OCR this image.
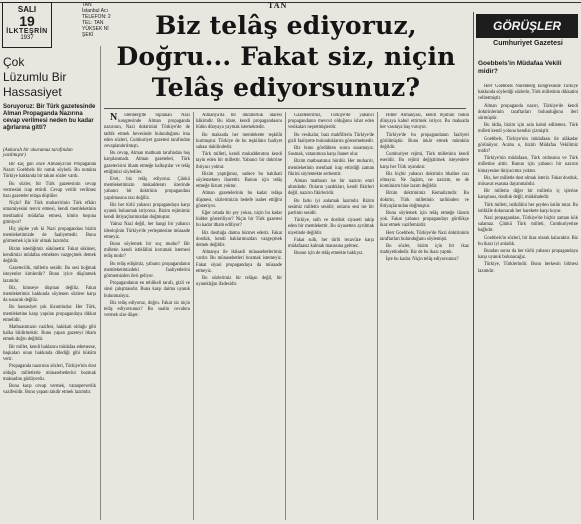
SALI
19
İLKTEŞRİN
1937
TAN
İstanbul Acı
TELEFON: 2
TEL: TAN
YÜKSEK Nİ
ŞEKİ
TAN
Çok
Lüzumlu Bir
Hassasiyet
Soruyoruz: Bir Türk gazetesinde Alman Propaganda Nazırına cevap verilmesi neden bu kadar ağırlarına gitti?
(Ankaralı bir okurumuz tarafından yazılmıştır)

Bir kaç gün önce Almanya'nın Propaganda Nazırı Goebbels bir nutuk söyledi. Bu nutukta Türkiye hakkında bir takım sözler vardı.

Bu sözler, bir Türk gazetesinin cevap vermesini icap ettirdi. Cevap verilir verilmez bazı gazeteler telaşa düştüler.

Niçin? Bir Türk muharririnin Türk efkârı umumiyesini tenvir etmesi, kendi memleketinin menfaatini müdafaa etmesi, kimin hoşuna gitmiyor?

Hiç şüphe yok ki Nazi propagandası bizim memleketimizde de faaliyettedir. Bunu görmemek için kör olmak lazımdır.

Bizim istediğimiz sükûnettir. Fakat sükûnet, kendimizi müdafaa etmekten vazgeçmek demek değildir.

Gazetecilik, milletin sesidir. Bu sesi boğmak isteyenler kimlerdir? Bunu iyice düşünmek lazımdır.

Biz, kimseye düşman değiliz. Fakat memleketimiz hakkında söylenen sözlere karşı da susacak değiliz.

Bu hassasiyet çok lüzumludur. Her Türk, memleketine karşı yapılan propagandaya dikkat etmelidir.

Matbuatımızın vazifesi, hakikati olduğu gibi halka bildirmektir. Bunu yapan gazeteyi itham etmek doğru değildir.

Bir millet, kendi haklarını müdafaa edemezse, başkaları onun hakkında dilediği gibi hüküm verir.

Propaganda nazırının sözleri, Türkiye'nin dost olduğu milletlerle münasebetlerini bozmak maksadını güdüyordu.

Buna karşı cevap vermek, vatanperverlik vazifesidir. Bunu yapanı takdir etmek lazımdır.

Biz telâş ediyoruz,
Doğru... Fakat siz, niçin
Telâş ediyorsunuz?

Nurenberg'de toplanan Nazi kongresinde Alman propaganda nazırının, Nazi doktrinini Türkiye'de de tatbik etmek hevesinde bulunduğunu ima eden sözleri, Cumhuriyet gazetesi tarafından cevaplandırılmıştı.

Bu cevap, Alman matbuatı tarafından hoş karşılanmadı. Alman gazeteleri, Türk gazetecisini itham etmeğe kalkıştılar ve telâş ettiğimizi söylediler.

Evet, biz telâş ediyoruz. Çünkü memleketimizin mukadderatı üzerinde yabancı bir doktrinin propagandası yapılmasına razı değiliz.

Biz her türlü yabancı propagandaya karşı uyanık bulunmak istiyoruz. Bizim rejimimiz kendi ihtiyaçlarımızdan doğmuştur.

Yalnız Nazi değil, her hangi bir yabancı ideolojinin Türkiye'de yerleşmesine müsaade etmeyiz.

Bunu söylemek bir suç mudur? Bir milletin kendi istiklâlini korumak istemesi telâş mıdır?

Bu telâş edişimiz, yabancı propagandanın memleketimizdeki faaliyetlerini görmemizden ileri geliyor.

Propagandanın en tehlikeli tarafı, gizli ve sinsi çalışmasıdır. Buna karşı daima uyanık bulunmalıyız.

Biz telâş ediyoruz, doğru. Fakat siz niçin telâş ediyorsunuz? Bu sualin cevabını vermek size düşer.

Almanya'da bir diktatörlük idaresi hâkimdir. Bu idare, kendi propagandasını bütün dünyaya yaymak istemektedir.

Bu maksatla her memlekette teşkilât kurmuştur. Türkiye de bu teşkilâtın faaliyet sahası dahilindedir.

Türk milleti, kendi mukadderatını kendi tayin eden bir millettir. Yabancı bir doktrine ihtiyacı yoktur.

Bizim yaptığımız, sadece bu hakikati söylemekten ibarettir. Bunun için telâş etmeğe lüzum yoktur.

Alman gazetelerinin bu kadar telâşa düşmesi, sözlerimizin hedefe isabet ettiğini gösteriyor.

Eğer ortada bir şey yoksa, niçin bu kadar hiddet gösteriliyor? Niçin bir Türk gazetesi bu kadar itham ediliyor?

Biz dostluğa daima hürmet ederiz. Fakat dostluk, kendi haklarımızdan vazgeçmek demek değildir.

Almanya ile iktisadi münasebetlerimiz vardır. Bu münasebetleri bozmak istemeyiz. Fakat siyasi propagandaya da müsaade etmeyiz.

Bu sözlerimiz bir telâşın değil, bir uyanıklığın ifadesidir.

Gazetelerimiz, Türkiye'de yabancı propagandanın mevcut olduğunu isbat eden vesikaları neşretmişlerdir.

Bu vesikalar, bazı mahfillerin Türkiye'de gizli faaliyette bulunduklarını göstermektedir.

Biz bunu gördükten sonra susamayız. Susmak, vatanımıza karşı ihanet olur.

Bizim matbuatımız hürdür. Her muharrir, memleketinin menfaati icap ettirdiği zaman fikrini söylemekte serbesttir.

Alman matbuatı ise bir nazırın emri altındadır. Onların yazdıkları, kendi fikirleri değil, nazırın fikirleridir.

Bu farkı iyi anlamak lazımdır. Bizim sesimiz milletin sesidir; onların sesi ise bir partinin sesidir.

Türkiye, sulh ve dostluk siyaseti takip eden bir memlekettir. Bu siyasetten ayrılmak niyetinde değildir.

Fakat sulh, her türlü tecavüze karşı müdafaasız kalmak manasına gelmez.

Bunun için de telâş etmekte haklıyız.

Hitler Almanyası, kendi rejimini bütün dünyaya kabul ettirmek istiyor. Bu maksatla her vasıtaya baş vuruyor.

Türkiye'de bu propagandanın faaliyeti görülmüştür. Bunu inkâr etmek mümkün değildir.

Cumhuriyet rejimi, Türk milletinin kendi eseridir. Bu rejimi değiştirmek isteyenlere karşı her Türk uyanıktır.

Biz hiçbir yabancı doktrinin ithaline razı olmayız. Ne faşizm, ne nazizm, ne de komünizm bize lazım değildir.

Bizim doktrinimiz Kemalizmdir. Bu doktrin, Türk milletinin tarihinden ve ihtiyaçlarından doğmuştur.

Bunu söylemek için telâş etmeğe lüzum yok. Fakat yabancı propagandayı gördükçe ikaz etmek vazifemizdir.

Herr Goebbels, Türkiye'de Nazi doktrininin taraftarları bulunduğunu söylemişti.

Bu sözler, bizim için bir ikaz mahiyetindedir. Biz de bu ikazı yaptık.

İşte bu kadar. Niçin telâş ediyorsunuz?

GÖRÜŞLER
Cumhuriyet Gazetesi
Goebbels'in Müdafaa Vekili midir?

Herr Goebbels Nurenberg kongresinde Türkiye hakkında söylediği sözlerle, Türk milletinin dikkatini celbetmiştir.

Alman propaganda nazırı, Türkiye'de kendi doktrinlerinin taraftarları bulunduğunu ileri sürmüştür.

Bu iddia, bizim için asla kabul edilemez. Türk milleti kendi yolunu kendisi çizmiştir.

Goebbels, Türkiye'nin müdafaası ile alâkadar görünüyor. Acaba o, bizim Müdafaa Vekilimiz midir?

Türkiye'nin müdafaası, Türk ordusuna ve Türk milletine aittir. Bunun için yabancı bir nazırın himayesine ihtiyacımız yoktur.

Biz, her milletle dost olmak isteriz. Fakat dostluk, müsavat esasına dayanmalıdır.

Bir milletin diğer bir milletin iç işlerine karışması, dostluk değil, müdahaledir.

Türk milleti, istiklâlini her şeyden üstün tutar. Bu istiklâle dokunacak her harekete karşı koyar.

Nazi propagandası, Türkiye'de hiçbir zaman kök salamaz. Çünkü Türk milleti, Cumhuriyetine bağlıdır.

Goebbels'in sözleri, bir ikaz olarak kalacaktır. Biz bu ikazı iyi anladık.

Bundan sonra da her türlü yabancı propagandaya karşı uyanık bulunacağız.

Türkiye, Türklerindir. Bunu herkesin bilmesi lazımdır.
